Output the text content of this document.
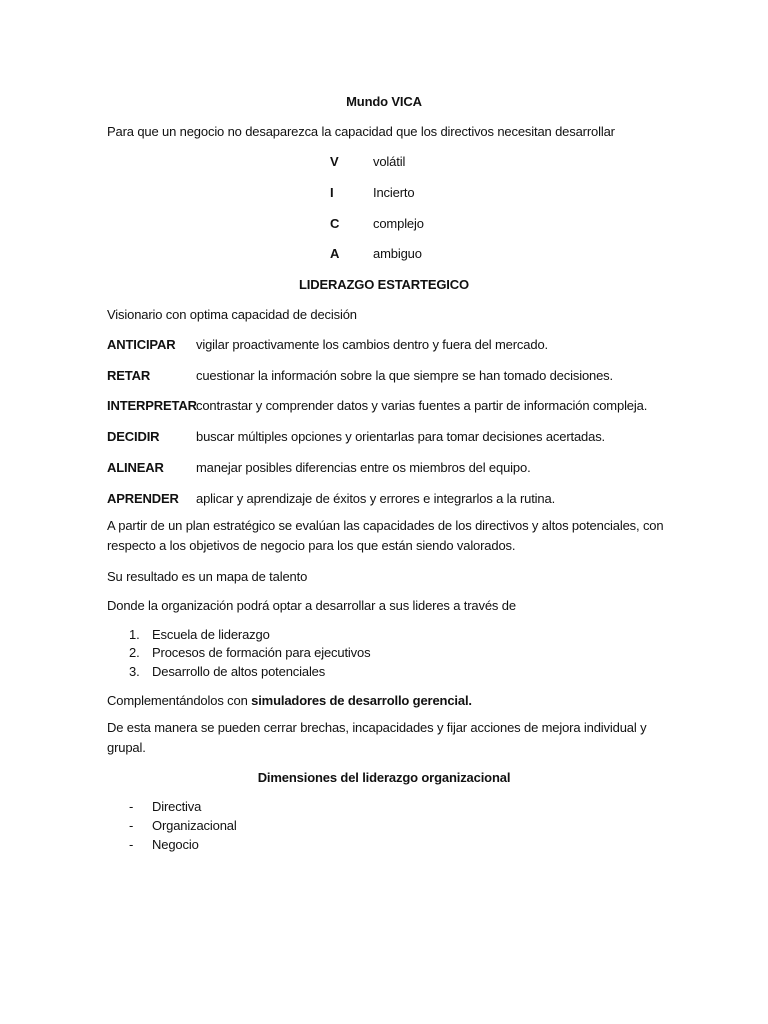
Mundo VICA
Para que un negocio no desaparezca la capacidad que los directivos necesitan desarrollar
V	volátil
I	Incierto
C	complejo
A	ambiguo
LIDERAZGO ESTARTEGICO
Visionario con optima capacidad de decisión
ANTICIPAR vigilar proactivamente los cambios dentro y fuera del mercado.
RETAR	cuestionar la información sobre la que siempre se han tomado decisiones.
INTERPRETAR contrastar y comprender datos y varias fuentes a partir de información compleja.
DECIDIR	buscar múltiples opciones y orientarlas para tomar decisiones acertadas.
ALINEAR manejar posibles diferencias entre os miembros del equipo.
APRENDER aplicar y aprendizaje de éxitos y errores e integrarlos a la rutina.
A partir de un plan estratégico se evalúan las capacidades de los directivos y altos potenciales, con respecto a los objetivos de negocio para los que están siendo valorados.
Su resultado es un mapa de talento
Donde la organización podrá optar a desarrollar a sus lideres a través de
1. Escuela de liderazgo
2. Procesos de formación para ejecutivos
3. Desarrollo de altos potenciales
Complementándolos con simuladores de desarrollo gerencial.
De esta manera se pueden cerrar brechas, incapacidades y fijar acciones de mejora individual y grupal.
Dimensiones del liderazgo organizacional
- Directiva
- Organizacional
- Negocio
